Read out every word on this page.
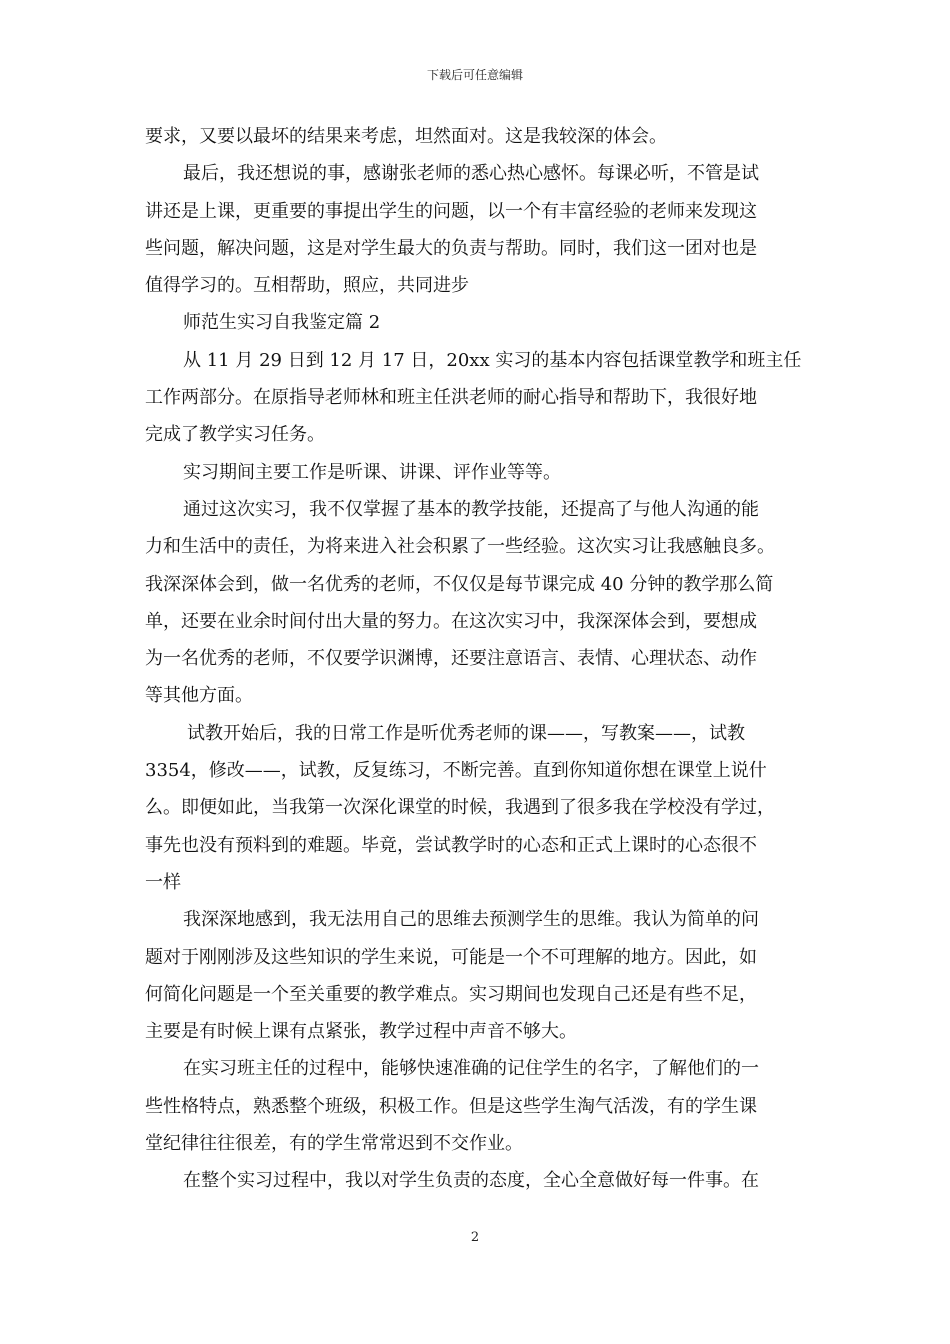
下载后可任意编辑
要求，又要以最坏的结果来考虑，坦然面对。这是我较深的体会。
最后，我还想说的事，感谢张老师的悉心热心感怀。每课必听，不管是试
讲还是上课，更重要的事提出学生的问题，以一个有丰富经验的老师来发现这
些问题，解决问题，这是对学生最大的负责与帮助。同时，我们这一团对也是
值得学习的。互相帮助，照应，共同进步
师范生实习自我鉴定篇 2
从 11 月 29 日到 12 月 17 日，20xx 实习的基本内容包括课堂教学和班主任
工作两部分。在原指导老师林和班主任洪老师的耐心指导和帮助下，我很好地
完成了教学实习任务。
实习期间主要工作是听课、讲课、评作业等等。
通过这次实习，我不仅掌握了基本的教学技能，还提高了与他人沟通的能
力和生活中的责任，为将来进入社会积累了一些经验。这次实习让我感触良多。
我深深体会到，做一名优秀的老师，不仅仅是每节课完成 40 分钟的教学那么简
单，还要在业余时间付出大量的努力。在这次实习中，我深深体会到，要想成
为一名优秀的老师，不仅要学识渊博，还要注意语言、表情、心理状态、动作
等其他方面。
试教开始后，我的日常工作是听优秀老师的课——，写教案——，试教
3354，修改——，试教，反复练习，不断完善。直到你知道你想在课堂上说什
么。即便如此，当我第一次深化课堂的时候，我遇到了很多我在学校没有学过，
事先也没有预料到的难题。毕竟，尝试教学时的心态和正式上课时的心态很不
一样
我深深地感到，我无法用自己的思维去预测学生的思维。我认为简单的问
题对于刚刚涉及这些知识的学生来说，可能是一个不可理解的地方。因此，如
何简化问题是一个至关重要的教学难点。实习期间也发现自己还是有些不足，
主要是有时候上课有点紧张，教学过程中声音不够大。
在实习班主任的过程中，能够快速准确的记住学生的名字，了解他们的一
些性格特点，熟悉整个班级，积极工作。但是这些学生淘气活泼，有的学生课
堂纪律往往很差，有的学生常常迟到不交作业。
在整个实习过程中，我以对学生负责的态度，全心全意做好每一件事。在
2
